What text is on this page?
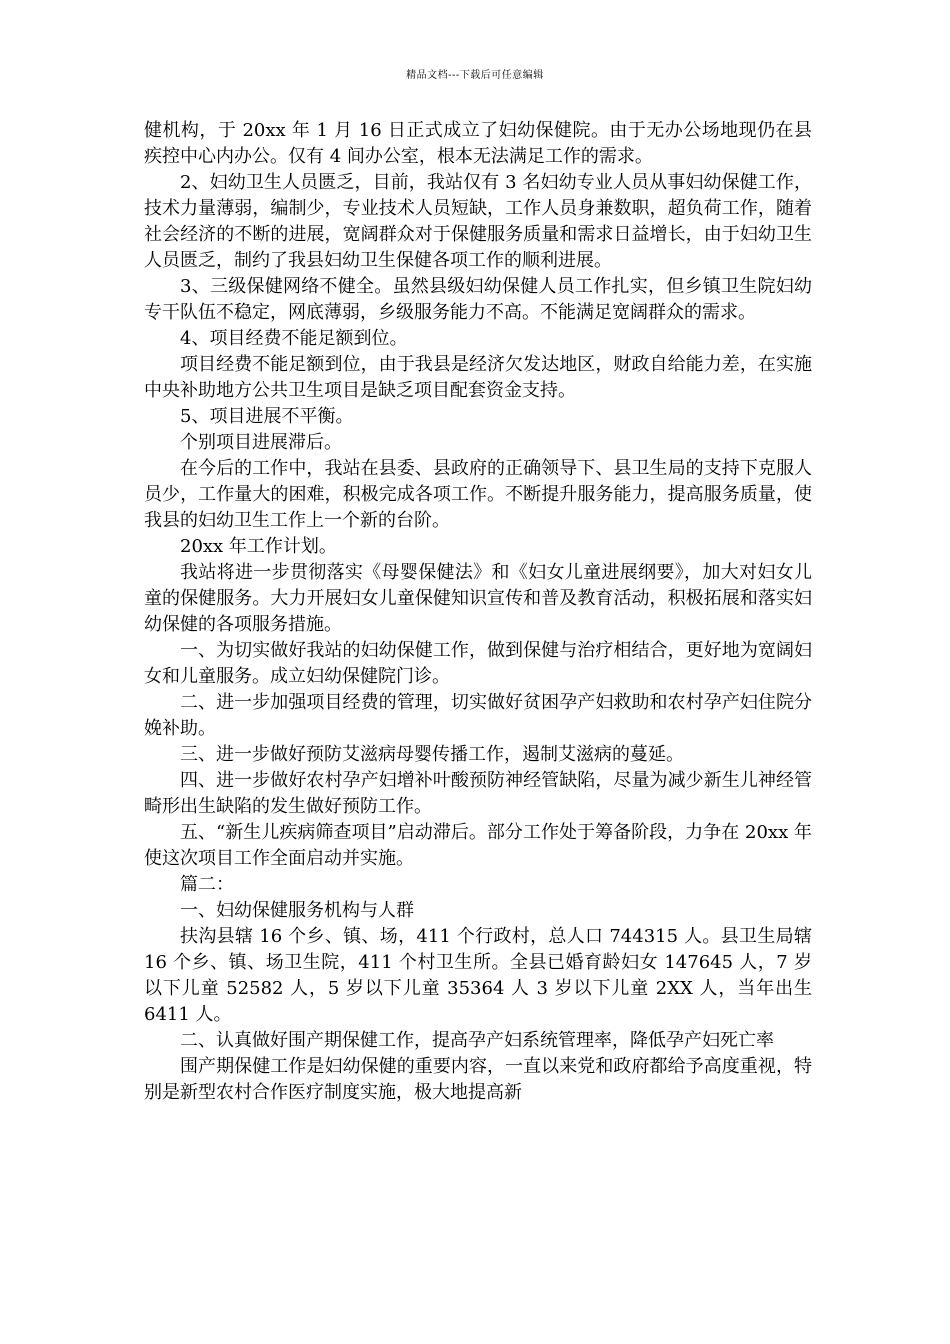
精品文档---下载后可任意编辑

健机构，于 20xx 年 1 月 16 日正式成立了妇幼保健院。由于无办公场地现仍在县疾控中心内办公。仅有 4 间办公室，根本无法满足工作的需求。

2、妇幼卫生人员匮乏，目前，我站仅有 3 名妇幼专业人员从事妇幼保健工作，技术力量薄弱，编制少，专业技术人员短缺，工作人员身兼数职，超负荷工作，随着社会经济的不断的进展，宽阔群众对于保健服务质量和需求日益增长，由于妇幼卫生人员匮乏，制约了我县妇幼卫生保健各项工作的顺利进展。

3、三级保健网络不健全。虽然县级妇幼保健人员工作扎实，但乡镇卫生院妇幼专干队伍不稳定，网底薄弱，乡级服务能力不高。不能满足宽阔群众的需求。

4、项目经费不能足额到位。

项目经费不能足额到位，由于我县是经济欠发达地区，财政自给能力差，在实施中央补助地方公共卫生项目是缺乏项目配套资金支持。

5、项目进展不平衡。

个别项目进展滞后。

在今后的工作中，我站在县委、县政府的正确领导下、县卫生局的支持下克服人员少，工作量大的困难，积极完成各项工作。不断提升服务能力，提高服务质量，使我县的妇幼卫生工作上一个新的台阶。

20xx 年工作计划。

我站将进一步贯彻落实《母婴保健法》和《妇女儿童进展纲要》，加大对妇女儿童的保健服务。大力开展妇女儿童保健知识宣传和普及教育活动，积极拓展和落实妇幼保健的各项服务措施。

一、为切实做好我站的妇幼保健工作，做到保健与治疗相结合，更好地为宽阔妇女和儿童服务。成立妇幼保健院门诊。

二、进一步加强项目经费的管理，切实做好贫困孕产妇救助和农村孕产妇住院分娩补助。

三、进一步做好预防艾滋病母婴传播工作，遏制艾滋病的蔓延。

四、进一步做好农村孕产妇增补叶酸预防神经管缺陷，尽量为减少新生儿神经管畸形出生缺陷的发生做好预防工作。

五、“新生儿疾病筛查项目”启动滞后。部分工作处于筹备阶段，力争在 20xx 年使这次项目工作全面启动并实施。

篇二：

一、妇幼保健服务机构与人群

扶沟县辖 16 个乡、镇、场，411 个行政村，总人口 744315 人。县卫生局辖 16 个乡、镇、场卫生院，411 个村卫生所。全县已婚育龄妇女 147645 人，7 岁以下儿童 52582 人，5 岁以下儿童 35364 人 3 岁以下儿童 2XX 人，当年出生 6411 人。

二、认真做好围产期保健工作，提高孕产妇系统管理率，降低孕产妇死亡率

围产期保健工作是妇幼保健的重要内容，一直以来党和政府都给予高度重视，特别是新型农村合作医疗制度实施，极大地提高新
